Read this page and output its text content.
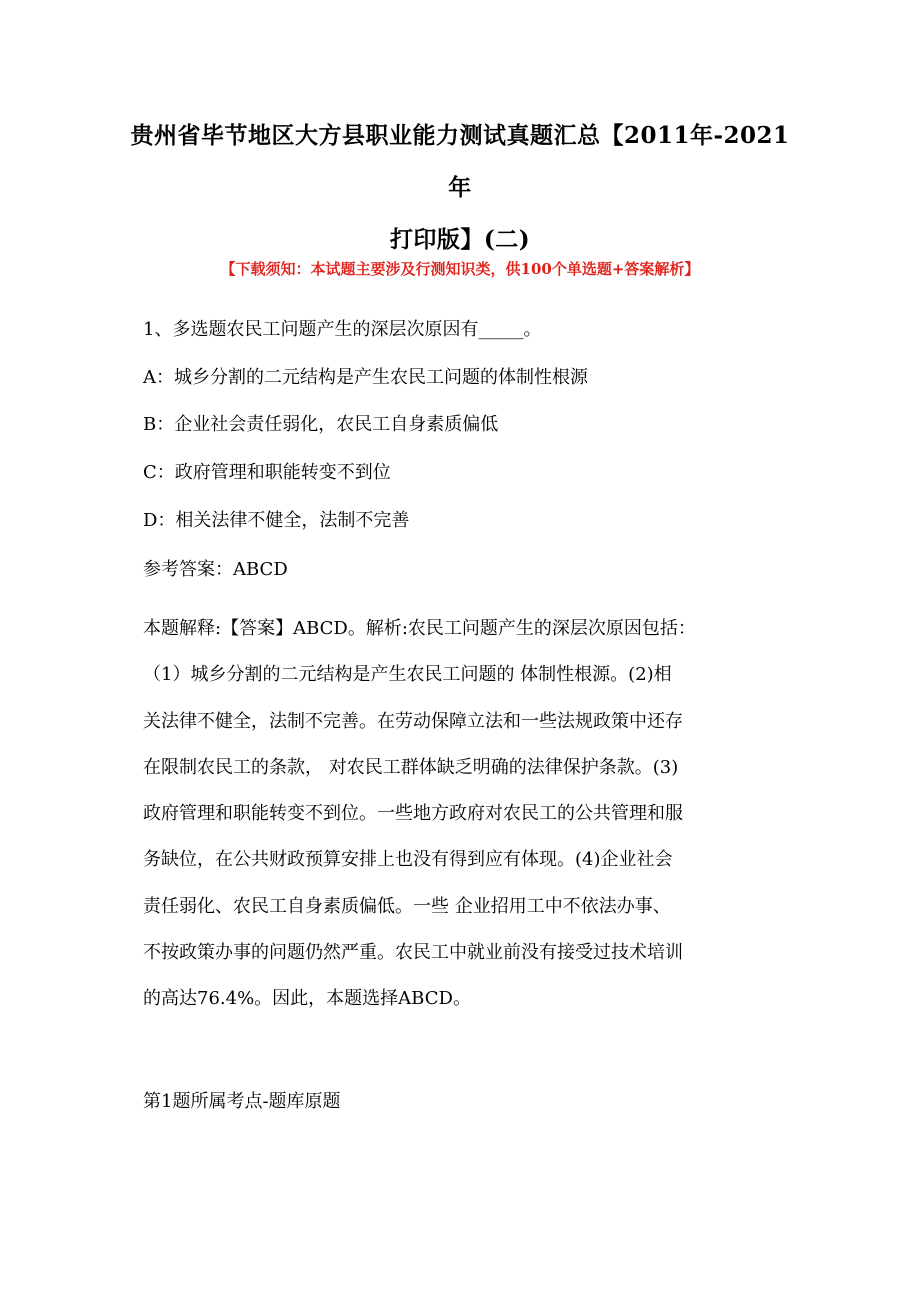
贵州省毕节地区大方县职业能力测试真题汇总【2011年-2021年
打印版】(二)
【下载须知：本试题主要涉及行测知识类，供100个单选题+答案解析】
1、多选题农民工问题产生的深层次原因有_____。
A：城乡分割的二元结构是产生农民工问题的体制性根源
B：企业社会责任弱化，农民工自身素质偏低
C：政府管理和职能转变不到位
D：相关法律不健全，法制不完善
参考答案：ABCD
本题解释:【答案】ABCD。解析:农民工问题产生的深层次原因包括：
（1）城乡分割的二元结构是产生农民工问题的 体制性根源。(2)相
关法律不健全，法制不完善。在劳动保障立法和一些法规政策中还存
在限制农民工的条款， 对农民工群体缺乏明确的法律保护条款。(3)
政府管理和职能转变不到位。一些地方政府对农民工的公共管理和服
务缺位，在公共财政预算安排上也没有得到应有体现。(4)企业社会
责任弱化、农民工自身素质偏低。一些 企业招用工中不依法办事、
不按政策办事的问题仍然严重。农民工中就业前没有接受过技术培训
的高达76.4%。因此，本题选择ABCD。
第1题所属考点-题库原题
